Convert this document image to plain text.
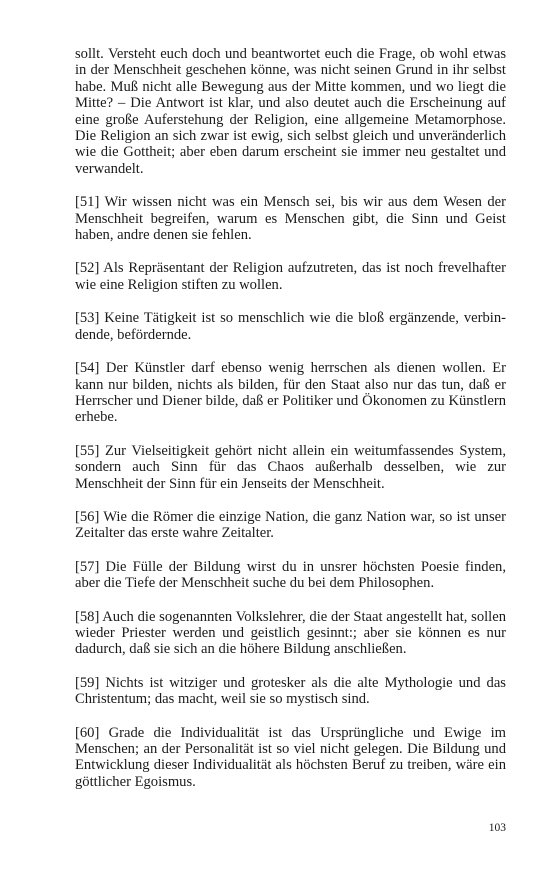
sollt. Versteht euch doch und beantwortet euch die Frage, ob wohl etwas in der Menschheit geschehen könne, was nicht seinen Grund in ihr selbst habe. Muß nicht alle Bewegung aus der Mitte kommen, und wo liegt die Mitte? – Die Antwort ist klar, und also deutet auch die Erscheinung auf eine große Auferstehung der Religion, eine allgemeine Metamorphose. Die Religion an sich zwar ist ewig, sich selbst gleich und unveränderlich wie die Gottheit; aber eben darum erscheint sie immer neu gestaltet und verwandelt.

[51] Wir wissen nicht was ein Mensch sei, bis wir aus dem Wesen der Menschheit begreifen, warum es Menschen gibt, die Sinn und Geist haben, andre denen sie fehlen.

[52] Als Repräsentant der Religion aufzutreten, das ist noch frevelhafter wie eine Religion stiften zu wollen.

[53] Keine Tätigkeit ist so menschlich wie die bloß ergänzende, verbindende, befördernde.

[54] Der Künstler darf ebenso wenig herrschen als dienen wollen. Er kann nur bilden, nichts als bilden, für den Staat also nur das tun, daß er Herrscher und Diener bilde, daß er Politiker und Ökonomen zu Künstlern erhebe.

[55] Zur Vielseitigkeit gehört nicht allein ein weitumfassendes System, sondern auch Sinn für das Chaos außerhalb desselben, wie zur Menschheit der Sinn für ein Jenseits der Menschheit.

[56] Wie die Römer die einzige Nation, die ganz Nation war, so ist unser Zeitalter das erste wahre Zeitalter.

[57] Die Fülle der Bildung wirst du in unsrer höchsten Poesie finden, aber die Tiefe der Menschheit suche du bei dem Philosophen.

[58] Auch die sogenannten Volkslehrer, die der Staat angestellt hat, sollen wieder Priester werden und geistlich gesinnt:; aber sie können es nur dadurch, daß sie sich an die höhere Bildung anschließen.

[59] Nichts ist witziger und grotesker als die alte Mythologie und das Christentum; das macht, weil sie so mystisch sind.

[60] Grade die Individualität ist das Ursprüngliche und Ewige im Menschen; an der Personalität ist so viel nicht gelegen. Die Bildung und Entwicklung dieser Individualität als höchsten Beruf zu treiben, wäre ein göttlicher Egoismus.

103
